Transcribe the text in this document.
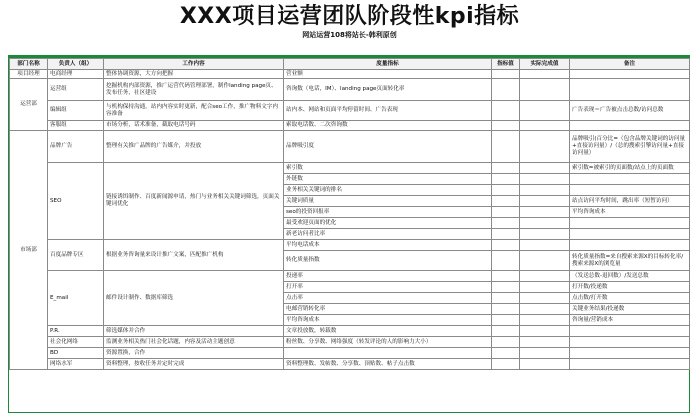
XXX项目运营团队阶段性kpi指标
网站运营108将站长-韩利原创
部门名称	负责人（组）	工作内容	度量指标	指标值	实际完成值	备注
项目经理	电商经理	整体协调资源，大方向把握	营业额			
运营部	运营组	挖掘机构内部资源，推广运营代码管理部署，制作landing page页、发布任务，社区建设	咨询数（电话，IM）、landing page页面转化率			
	编辑组	与机构保持沟通，站内内容实时更新，配合seo工作，推广物料文字内容准备	站内本、网站和页面平均停留时间、广告表现			广告表现＝广告被点击总数/访问总数
	客服组	市场分析，话术准备，截取电话号码	索取电话数、二次咨询数			
市场部	品牌广告	整理有关推广品牌的广告媒介，并投放	品牌吸引度			品牌吸引(百分比=（包含品牌关键词的访问量+直接访问量）/（总的搜索引擎访问量+直接访问量）
	SEO	链接诱饵制作、百度新闻源申请，热门与业务相关关键词筛选，页面关键词优化	索引数			索引数=被索引的页面数/站点上的页面数
			外链数			
			业务相关关键词的排名			
			关键词质量			站点访问平均时间，跳出率（短暂访问）
			seo的投资回报率			平均咨询成本
			最受欢迎页面的优化			
			新老访问者比率			
	百度品牌专区	根据业务咨询量来设计推广文案，匹配推广机构	平均电话成本			
			转化质量指数			转化质量指数=来自搜索来源X的目标转化率/搜索来源X的浏览量
	E_mail	邮件设计制作、数据库筛选	投递率			（发送总数-退回数）/发送总数
			打开率			打开数/投递数
			点击率			点击数/打开数
			电邮营销转化率			关键业务结果/投递数
			平均咨询成本			咨询量/营销成本
	P.R.	筛选媒体并合作	文章投放数，转载数			
	社会化网络	监测业务相关热门社会化话题，内容及活动主题创意	粉丝数、分享数、网络强度（转发评论的人的影响力大小）			
	BD	资源置换，合作				
	网络水军	资料整理，按收任务并定时完成	资料整理数、发帖数、分享数、顶贴数、帖子点击数			
